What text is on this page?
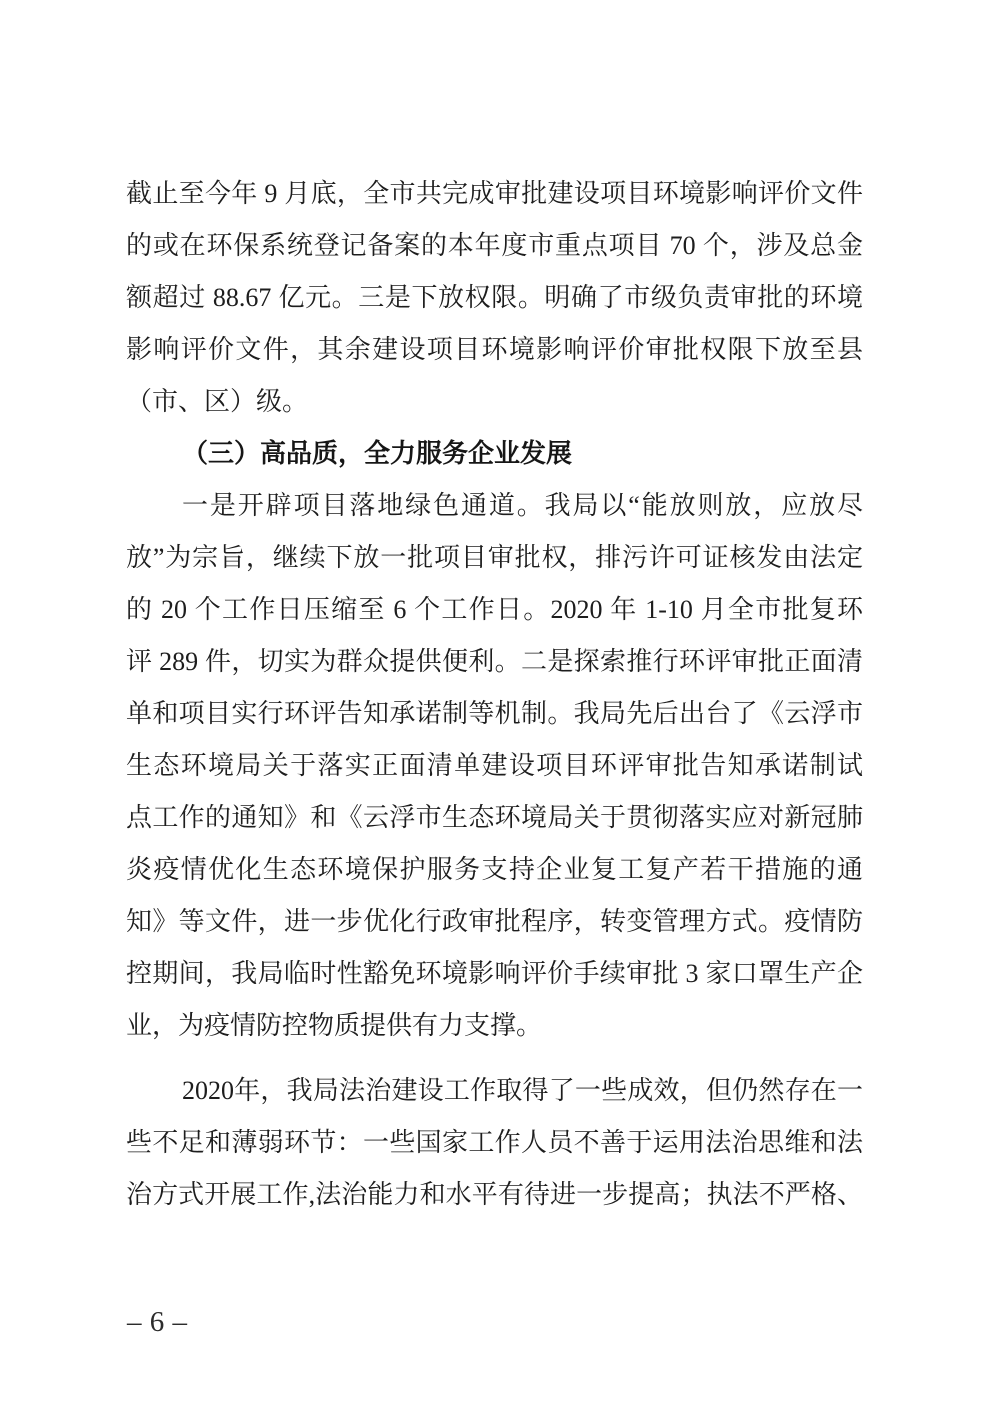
截止至今年 9 月底，全市共完成审批建设项目环境影响评价文件
的或在环保系统登记备案的本年度市重点项目 70 个，涉及总金
额超过 88.67 亿元。三是下放权限。明确了市级负责审批的环境
影响评价文件，其余建设项目环境影响评价审批权限下放至县
（市、区）级。
（三）高品质，全力服务企业发展
一是开辟项目落地绿色通道。我局以“能放则放，应放尽
放”为宗旨，继续下放一批项目审批权，排污许可证核发由法定
的 20 个工作日压缩至 6 个工作日。2020 年 1-10 月全市批复环
评 289 件，切实为群众提供便利。二是探索推行环评审批正面清
单和项目实行环评告知承诺制等机制。我局先后出台了《云浮市
生态环境局关于落实正面清单建设项目环评审批告知承诺制试
点工作的通知》和《云浮市生态环境局关于贯彻落实应对新冠肺
炎疫情优化生态环境保护服务支持企业复工复产若干措施的通
知》等文件，进一步优化行政审批程序，转变管理方式。疫情防
控期间，我局临时性豁免环境影响评价手续审批 3 家口罩生产企
业，为疫情防控物质提供有力支撑。
2020年，我局法治建设工作取得了一些成效，但仍然存在一
些不足和薄弱环节：一些国家工作人员不善于运用法治思维和法
治方式开展工作,法治能力和水平有待进一步提高；执法不严格、
– 6 –
